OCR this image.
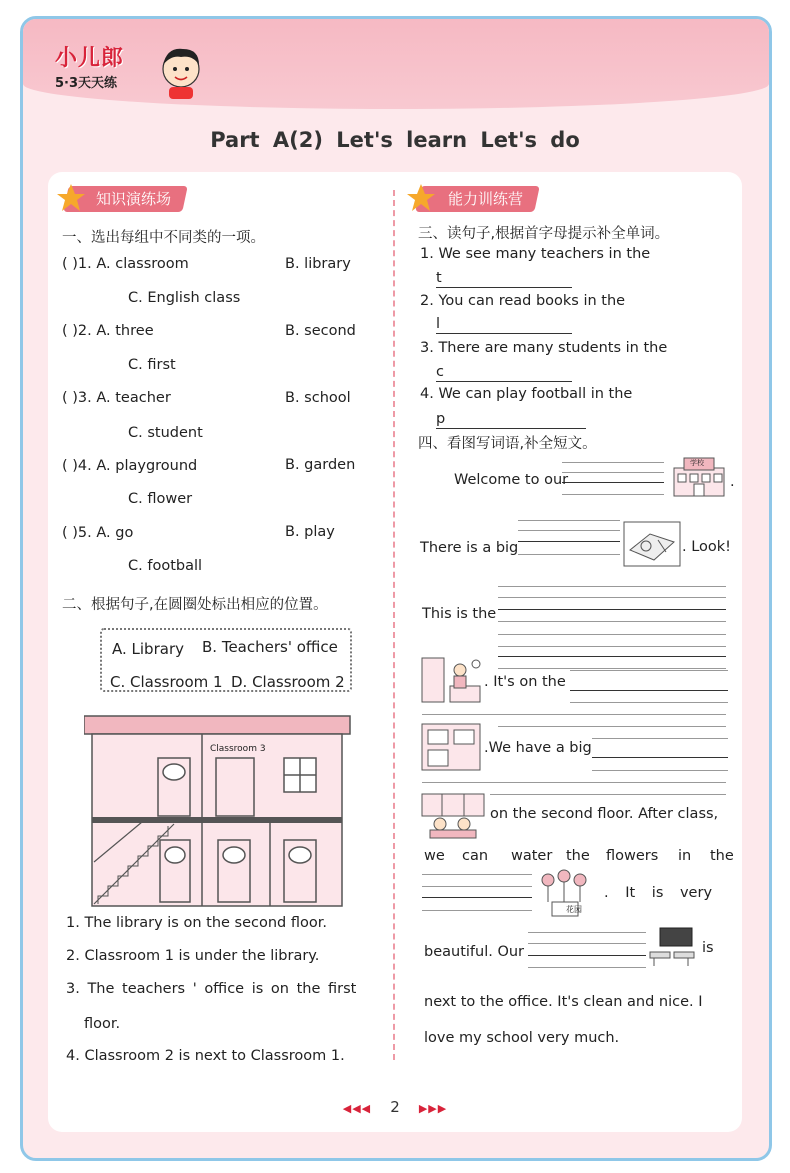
小儿郎
5·3天天练
Part A(2) Let's learn Let's do
知识演练场
一、选出每组中不同类的一项。
( )1. A. classroom	B. library
C. English class
( )2. A. three	B. second
C. first
( )3. A. teacher	B. school
C. student
( )4. A. playground	B. garden
C. flower
( )5. A. go	B. play
C. football
二、根据句子,在圆圈处标出相应的位置。
A. Library B. Teachers' office
C. Classroom 1 D. Classroom 2
Classroom 3
1. The library is on the second floor.
2. Classroom 1 is under the library.
3. The teachers ' office is on the first
floor.
4. Classroom 2 is next to Classroom 1.
能力训练营
三、读句子,根据首字母提示补全单词。
1. We see many teachers in the
t
2. You can read books in the
l
3. There are many students in the
c
4. We can play football in the
p
四、看图写词语,补全短文。
Welcome to our
学校
.
There is a big	. Look!
This is the
. It's on the
.We have a big
on the second floor. After class,
we can water the flowers in the
花园
. It is very
beautiful. Our	is
next to the office. It's clean and nice. I
love my school very much.
◀◀◀ 2 ▶▶▶
